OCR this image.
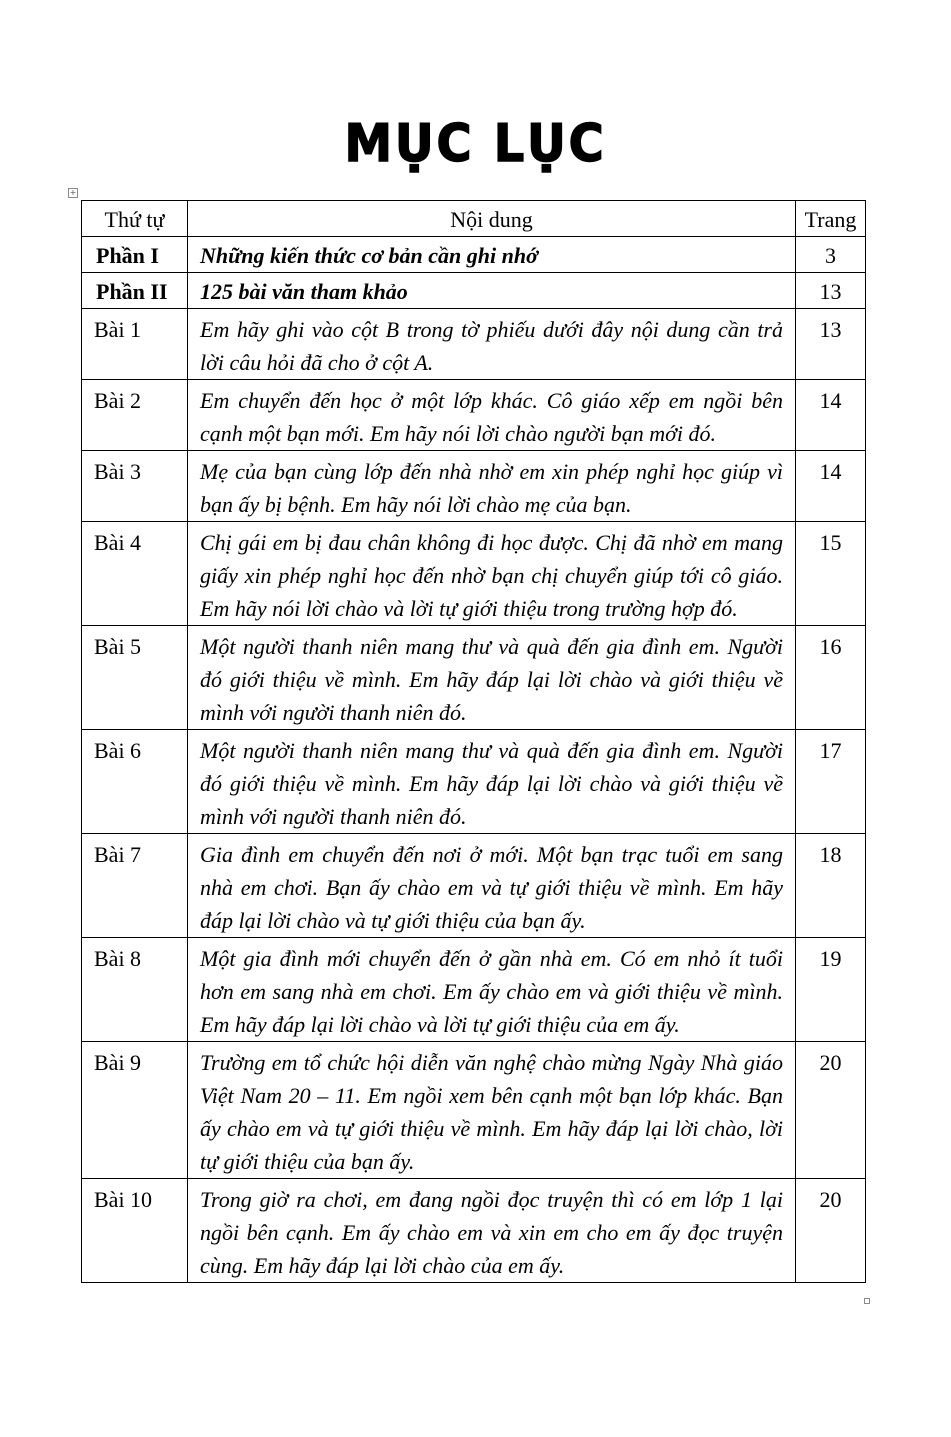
MỤC LỤC
+
Thứ tự	Nội dung	Trang
Phần I	Những kiến thức cơ bản cần ghi nhớ	3
Phần II	125 bài văn tham khảo	13
Bài 1	Em hãy ghi vào cột B trong tờ phiếu dưới đây nội dung cần trả lời câu hỏi đã cho ở cột A.	13
Bài 2	Em chuyển đến học ở một lớp khác. Cô giáo xếp em ngồi bên cạnh một bạn mới. Em hãy nói lời chào người bạn mới đó.	14
Bài 3	Mẹ của bạn cùng lớp đến nhà nhờ em xin phép nghỉ học giúp vì bạn ấy bị bệnh. Em hãy nói lời chào mẹ của bạn.	14
Bài 4	Chị gái em bị đau chân không đi học được. Chị đã nhờ em mang giấy xin phép nghỉ học đến nhờ bạn chị chuyển giúp tới cô giáo. Em hãy nói lời chào và lời tự giới thiệu trong trường hợp đó.	15
Bài 5	Một người thanh niên mang thư và quà đến gia đình em. Người đó giới thiệu về mình. Em hãy đáp lại lời chào và giới thiệu về mình với người thanh niên đó.	16
Bài 6	Một người thanh niên mang thư và quà đến gia đình em. Người đó giới thiệu về mình. Em hãy đáp lại lời chào và giới thiệu về mình với người thanh niên đó.	17
Bài 7	Gia đình em chuyển đến nơi ở mới. Một bạn trạc tuổi em sang nhà em chơi. Bạn ấy chào em và tự giới thiệu về mình. Em hãy đáp lại lời chào và tự giới thiệu của bạn ấy.	18
Bài 8	Một gia đình mới chuyển đến ở gần nhà em. Có em nhỏ ít tuổi hơn em sang nhà em chơi. Em ấy chào em và giới thiệu về mình. Em hãy đáp lại lời chào và lời tự giới thiệu của em ấy.	19
Bài 9	Trường em tổ chức hội diễn văn nghệ chào mừng Ngày Nhà giáo Việt Nam 20 – 11. Em ngồi xem bên cạnh một bạn lớp khác. Bạn ấy chào em và tự giới thiệu về mình. Em hãy đáp lại lời chào, lời tự giới thiệu của bạn ấy.	20
Bài 10	Trong giờ ra chơi, em đang ngồi đọc truyện thì có em lớp 1 lại ngồi bên cạnh. Em ấy chào em và xin em cho em ấy đọc truyện cùng. Em hãy đáp lại lời chào của em ấy.	20
